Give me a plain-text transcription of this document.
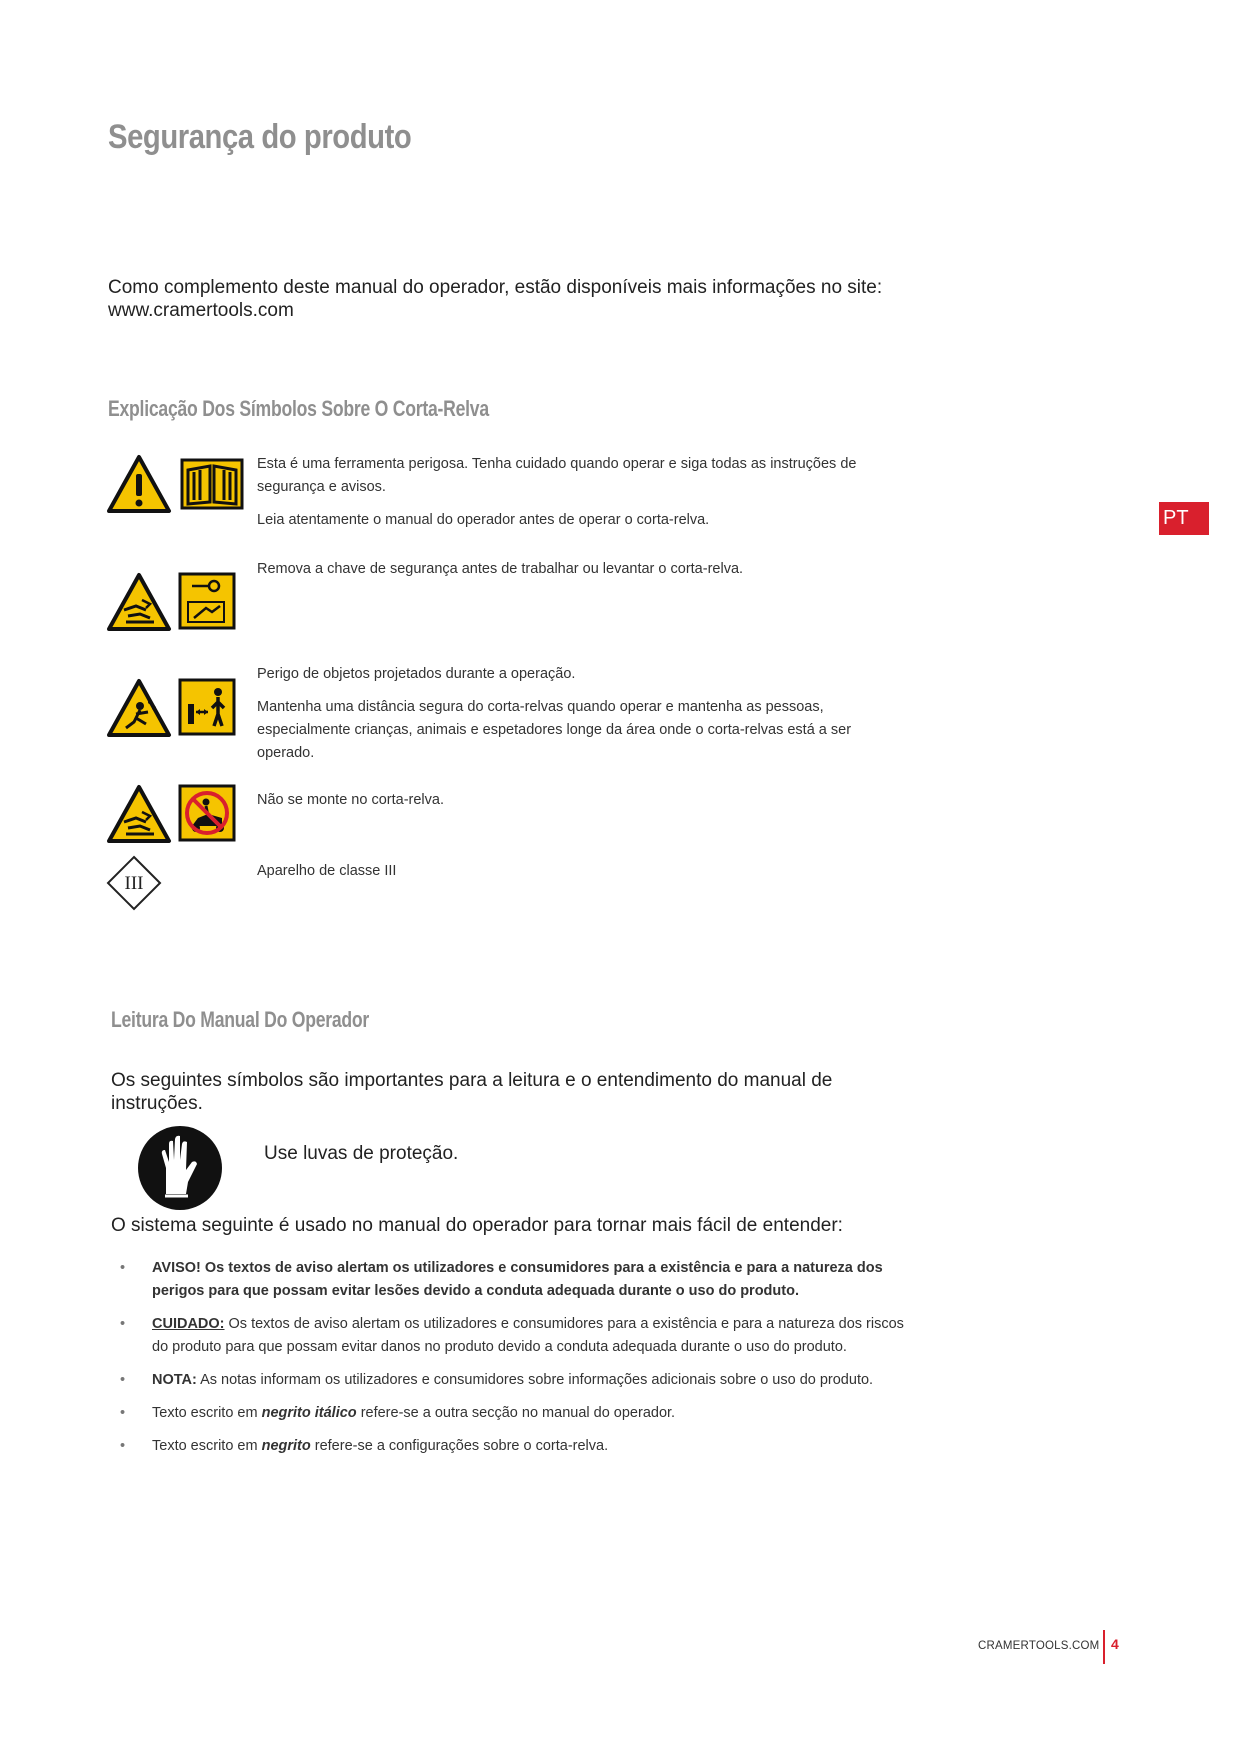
Segurança do produto
Como complemento deste manual do operador, estão disponíveis mais informações no site: www.cramertools.com
Explicação Dos Símbolos Sobre O Corta-Relva
Esta é uma ferramenta perigosa. Tenha cuidado quando operar e siga todas as instruções de segurança e avisos.
Leia atentamente o manual do operador antes de operar o corta-relva.
Remova a chave de segurança antes de trabalhar ou levantar o corta-relva.
Perigo de objetos projetados durante a operação.
Mantenha uma distância segura do corta-relvas quando operar e mantenha as pessoas, especialmente crianças, animais e espetadores longe da área onde o corta-relvas está a ser operado.
Não se monte no corta-relva.
III
Aparelho de classe III
PT
Leitura Do Manual Do Operador
Os seguintes símbolos são importantes para a leitura e o entendimento do manual de instruções.
Use luvas de proteção.
O sistema seguinte é usado no manual do operador para tornar mais fácil de entender:
• AVISO! Os textos de aviso alertam os utilizadores e consumidores para a existência e para a natureza dos perigos para que possam evitar lesões devido a conduta adequada durante o uso do produto.
• CUIDADO: Os textos de aviso alertam os utilizadores e consumidores para a existência e para a natureza dos riscos do produto para que possam evitar danos no produto devido a conduta adequada durante o uso do produto.
• NOTA: As notas informam os utilizadores e consumidores sobre informações adicionais sobre o uso do produto.
• Texto escrito em negrito itálico refere-se a outra secção no manual do operador.
• Texto escrito em negrito refere-se a configurações sobre o corta-relva.
CRAMERTOOLS.COM 4
